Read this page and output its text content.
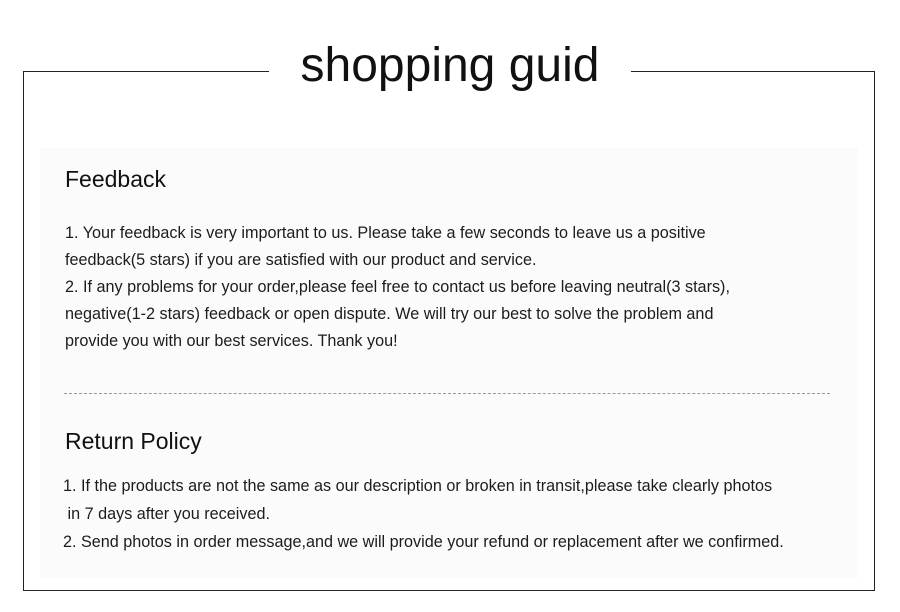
shopping guid
Feedback
1. Your feedback is very important to us. Please take a few seconds to leave us a positive
feedback(5 stars) if you are satisfied with our product and service.
2. If any problems for your order,please feel free to contact us before leaving neutral(3 stars),
negative(1-2 stars) feedback or open dispute. We will try our best to solve the problem and
provide you with our best services. Thank you!
Return Policy
1. If the products are not the same as our description or broken in transit,please take clearly photos
in 7 days after you received.
2. Send photos in order message,and we will provide your refund or replacement after we confirmed.
